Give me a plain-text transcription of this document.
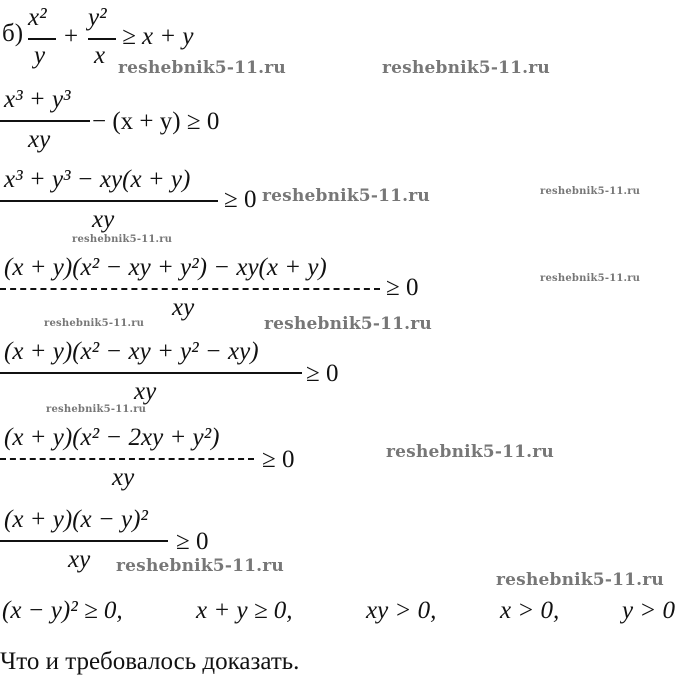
б)
x²
y
+
y²
x
≥ x + y
x³ + y³
xy
− (x + y) ≥ 0
x³ + y³ − xy(x + y)
xy
≥ 0
(x + y)(x² − xy + y²) − xy(x + y)
xy
≥ 0
(x + y)(x² − xy + y² − xy)
xy
≥ 0
(x + y)(x² − 2xy + y²)
xy
≥ 0
(x + y)(x − y)²
xy
≥ 0
(x − y)² ≥ 0,	x + y ≥ 0,	xy > 0,	x > 0,	y > 0
Что и требовалось доказать.
reshebnik5-11.ru	reshebnik5-11.ru
reshebnik5-11.ru	reshebnik5-11.ru
reshebnik5-11.ru
reshebnik5-11.ru
reshebnik5-11.ru	reshebnik5-11.ru
reshebnik5-11.ru
reshebnik5-11.ru
reshebnik5-11.ru
reshebnik5-11.ru
